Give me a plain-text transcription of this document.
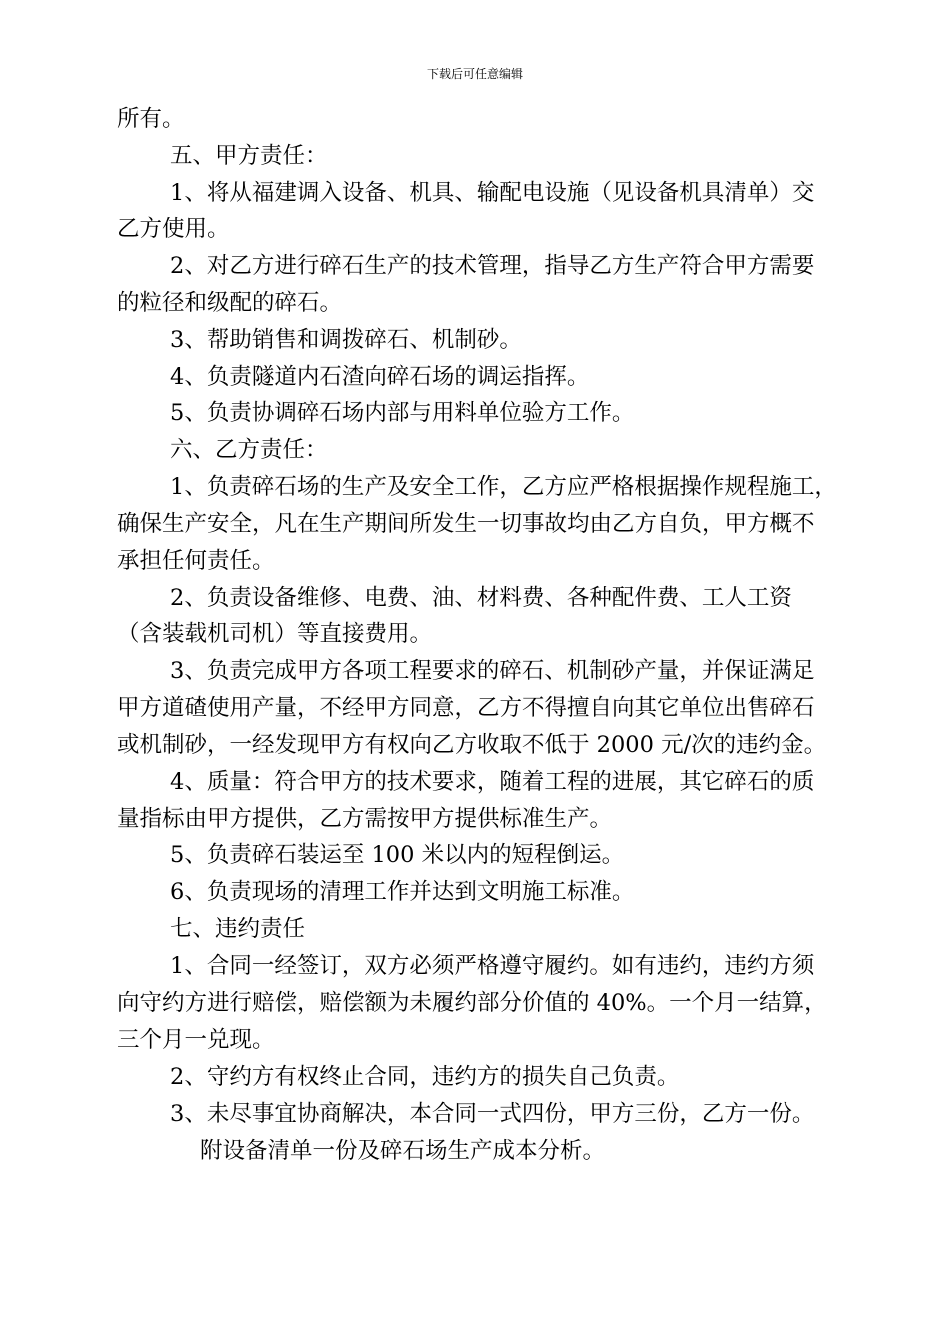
下载后可任意编辑

所有。

五、甲方责任：

1、将从福建调入设备、机具、输配电设施（见设备机具清单）交

乙方使用。

2、对乙方进行碎石生产的技术管理，指导乙方生产符合甲方需要

的粒径和级配的碎石。

3、帮助销售和调拨碎石、机制砂。

4、负责隧道内石渣向碎石场的调运指挥。

5、负责协调碎石场内部与用料单位验方工作。

六、乙方责任：

1、负责碎石场的生产及安全工作，乙方应严格根据操作规程施工，

确保生产安全，凡在生产期间所发生一切事故均由乙方自负，甲方概不

承担任何责任。

2、负责设备维修、电费、油、材料费、各种配件费、工人工资

（含装载机司机）等直接费用。

3、负责完成甲方各项工程要求的碎石、机制砂产量，并保证满足

甲方道碴使用产量，不经甲方同意，乙方不得擅自向其它单位出售碎石

或机制砂，一经发现甲方有权向乙方收取不低于 2000 元/次的违约金。

4、质量：符合甲方的技术要求，随着工程的进展，其它碎石的质

量指标由甲方提供，乙方需按甲方提供标准生产。

5、负责碎石装运至 100 米以内的短程倒运。

6、负责现场的清理工作并达到文明施工标准。

七、违约责任

1、合同一经签订，双方必须严格遵守履约。如有违约，违约方须

向守约方进行赔偿，赔偿额为未履约部分价值的 40%。一个月一结算，

三个月一兑现。

2、守约方有权终止合同，违约方的损失自己负责。

3、未尽事宜协商解决，本合同一式四份，甲方三份，乙方一份。

附设备清单一份及碎石场生产成本分析。
